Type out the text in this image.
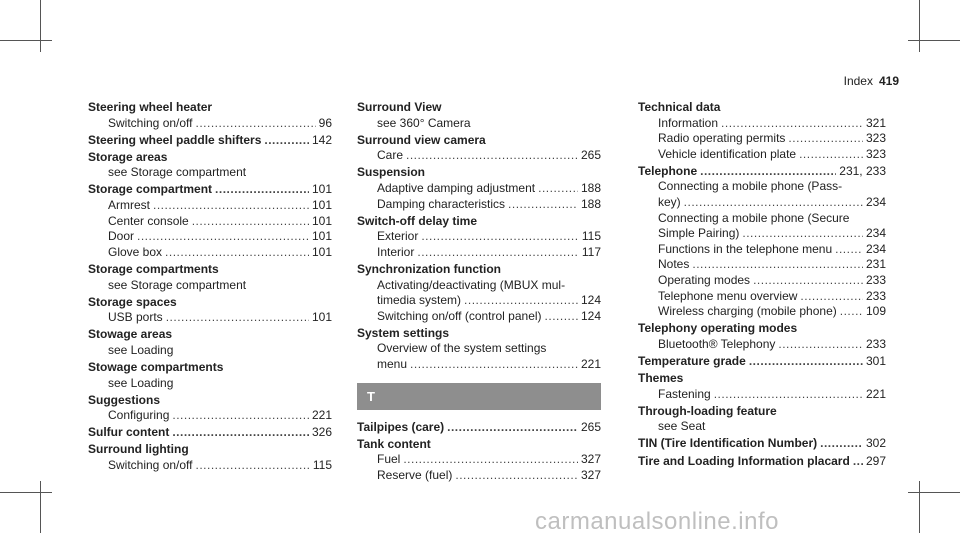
Index 419
Steering wheel heater
Switching on/off .....	96
Steering wheel paddle shifters .....	142
Storage areas
see Storage compartment
Storage compartment .....	101
Armrest .....	101
Center console .....	101
Door .....	101
Glove box .....	101
Storage compartments
see Storage compartment
Storage spaces
USB ports .....	101
Stowage areas
see Loading
Stowage compartments
see Loading
Suggestions
Configuring .....	221
Sulfur content .....	326
Surround lighting
Switching on/off .....	115
Surround View
see 360° Camera
Surround view camera
Care .....	265
Suspension
Adaptive damping adjustment .....	188
Damping characteristics .....	188
Switch-off delay time
Exterior .....	115
Interior .....	117
Synchronization function
Activating/deactivating (MBUX mul-
timedia system) .....	124
Switching on/off (control panel) .....	124
System settings
Overview of the system settings
menu .....	221
T
Tailpipes (care) .....	265
Tank content
Fuel .....	327
Reserve (fuel) .....	327
Technical data
Information .....	321
Radio operating permits .....	323
Vehicle identification plate .....	323
Telephone .....	231, 233
Connecting a mobile phone (Pass-
key) .....	234
Connecting a mobile phone (Secure
Simple Pairing) .....	234
Functions in the telephone menu .....	234
Notes .....	231
Operating modes .....	233
Telephone menu overview .....	233
Wireless charging (mobile phone) ..... 109
Telephony operating modes
Bluetooth® Telephony .....	233
Temperature grade .....	301
Themes
Fastening .....	221
Through-loading feature
see Seat
TIN (Tire Identification Number) .....	302
Tire and Loading Information placard ..... 297
carmanualsonline.info
